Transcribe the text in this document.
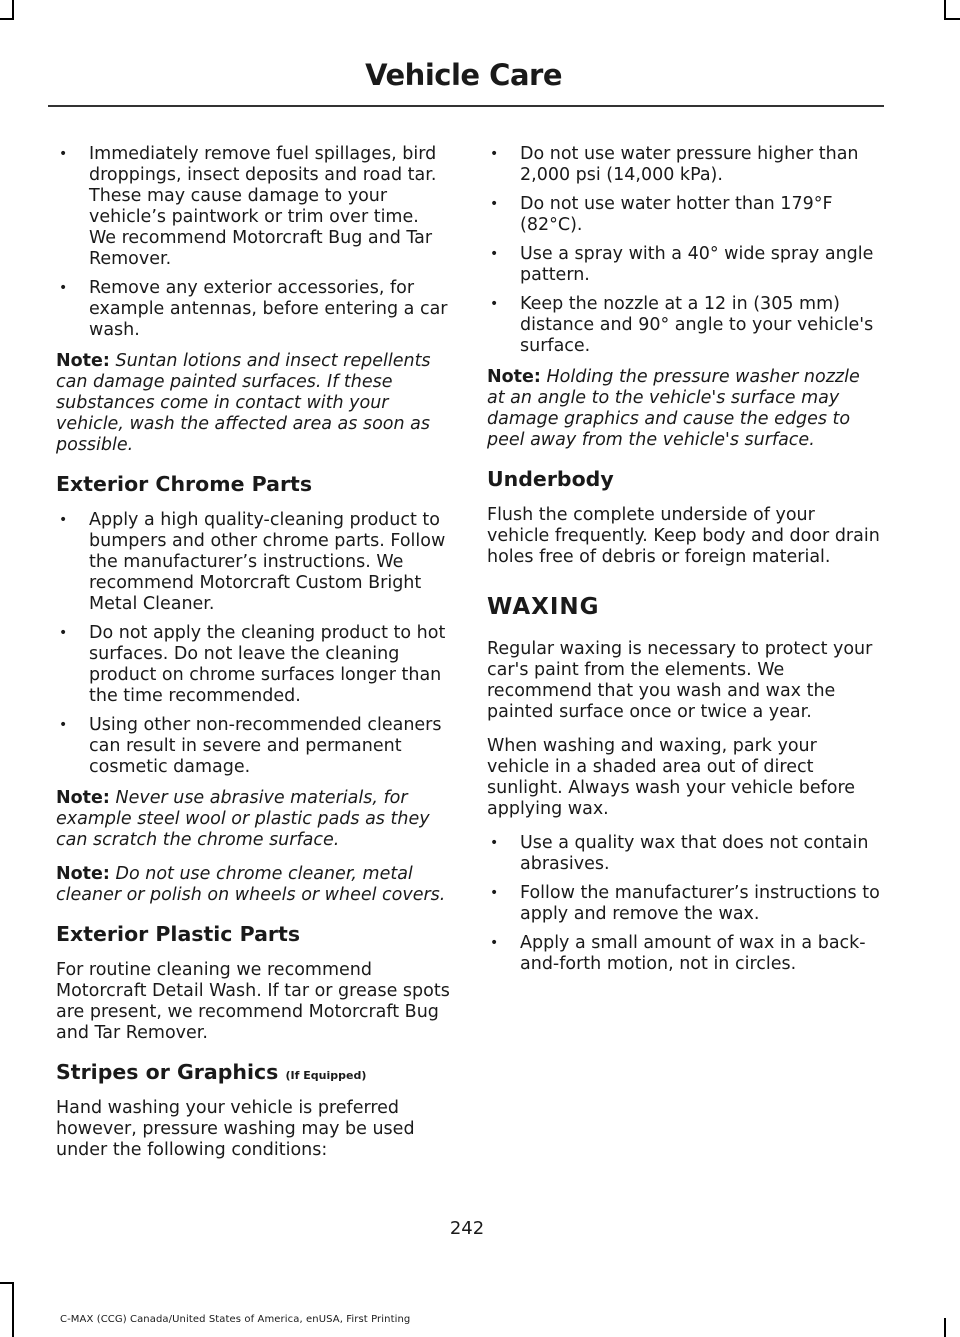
Vehicle Care
• Immediately remove fuel spillages, bird droppings, insect deposits and road tar. These may cause damage to your vehicle’s paintwork or trim over time. We recommend Motorcraft Bug and Tar Remover.
• Remove any exterior accessories, for example antennas, before entering a car wash.

Note: Suntan lotions and insect repellents can damage painted surfaces. If these substances come in contact with your vehicle, wash the affected area as soon as possible.

Exterior Chrome Parts
• Apply a high quality-cleaning product to bumpers and other chrome parts. Follow the manufacturer’s instructions. We recommend Motorcraft Custom Bright Metal Cleaner.
• Do not apply the cleaning product to hot surfaces. Do not leave the cleaning product on chrome surfaces longer than the time recommended.
• Using other non-recommended cleaners can result in severe and permanent cosmetic damage.

Note: Never use abrasive materials, for example steel wool or plastic pads as they can scratch the chrome surface.

Note: Do not use chrome cleaner, metal cleaner or polish on wheels or wheel covers.

Exterior Plastic Parts

For routine cleaning we recommend Motorcraft Detail Wash. If tar or grease spots are present, we recommend Motorcraft Bug and Tar Remover.

Stripes or Graphics (If Equipped)

Hand washing your vehicle is preferred however, pressure washing may be used under the following conditions:

• Do not use water pressure higher than 2,000 psi (14,000 kPa).
• Do not use water hotter than 179°F (82°C).
• Use a spray with a 40° wide spray angle pattern.
• Keep the nozzle at a 12 in (305 mm) distance and 90° angle to your vehicle's surface.

Note: Holding the pressure washer nozzle at an angle to the vehicle's surface may damage graphics and cause the edges to peel away from the vehicle's surface.

Underbody

Flush the complete underside of your vehicle frequently. Keep body and door drain holes free of debris or foreign material.

WAXING

Regular waxing is necessary to protect your car's paint from the elements. We recommend that you wash and wax the painted surface once or twice a year.

When washing and waxing, park your vehicle in a shaded area out of direct sunlight. Always wash your vehicle before applying wax.

• Use a quality wax that does not contain abrasives.
• Follow the manufacturer’s instructions to apply and remove the wax.
• Apply a small amount of wax in a back-and-forth motion, not in circles.
242
C-MAX (CCG) Canada/United States of America, enUSA, First Printing
